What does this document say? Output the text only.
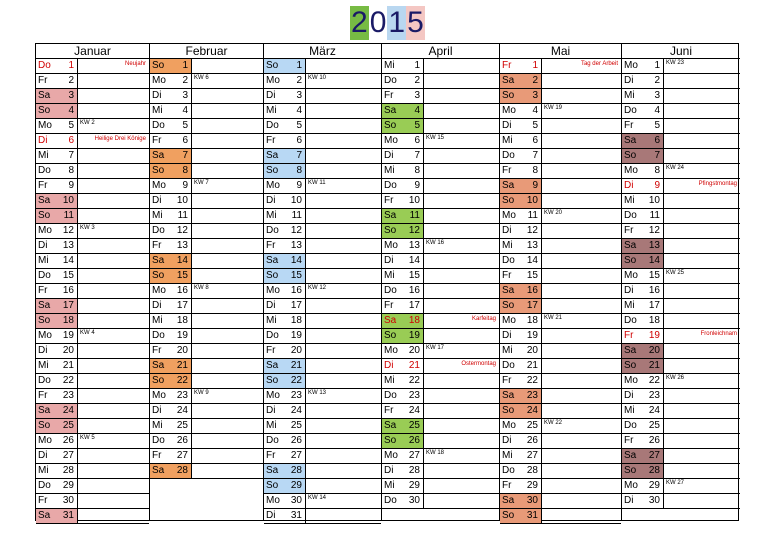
2 0 1 5
Januar
Do	1	Neujahr
Fr	2
Sa	3
So	4
Mo	5	KW 2
Di	6	Heilige Drei Könige
Mi	7
Do	8
Fr	9
Sa	10
So	11
Mo	12	KW 3
Di	13
Mi	14
Do	15
Fr	16
Sa	17
So	18
Mo	19	KW 4
Di	20
Mi	21
Do	22
Fr	23
Sa	24
So	25
Mo	26	KW 5
Di	27
Mi	28
Do	29
Fr	30
Sa	31
Februar
So	1
Mo	2	KW 6
Di	3
Mi	4
Do	5
Fr	6
Sa	7
So	8
Mo	9	KW 7
Di	10
Mi	11
Do	12
Fr	13
Sa	14
So	15
Mo	16	KW 8
Di	17
Mi	18
Do	19
Fr	20
Sa	21
So	22
Mo	23	KW 9
Di	24
Mi	25
Do	26
Fr	27
Sa	28
März
So	1
Mo	2	KW 10
Di	3
Mi	4
Do	5
Fr	6
Sa	7
So	8
Mo	9	KW 11
Di	10
Mi	11
Do	12
Fr	13
Sa	14
So	15
Mo	16	KW 12
Di	17
Mi	18
Do	19
Fr	20
Sa	21
So	22
Mo	23	KW 13
Di	24
Mi	25
Do	26
Fr	27
Sa	28
So	29
Mo	30	KW 14
Di	31
April
Mi	1
Do	2
Fr	3
Sa	4
So	5
Mo	6	KW 15
Di	7
Mi	8
Do	9
Fr	10
Sa	11
So	12
Mo	13	KW 16
Di	14
Mi	15
Do	16
Fr	17
Sa	18	Karfeitag
So	19
Mo	20	KW 17
Di	21	Ostermontag
Mi	22
Do	23
Fr	24
Sa	25
So	26
Mo	27	KW 18
Di	28
Mi	29
Do	30
Mai
Fr	1	Tag der Arbeit
Sa	2
So	3
Mo	4	KW 19
Di	5
Mi	6
Do	7
Fr	8
Sa	9
So	10
Mo	11	KW 20
Di	12
Mi	13
Do	14
Fr	15
Sa	16
So	17
Mo	18	KW 21
Di	19
Mi	20
Do	21
Fr	22
Sa	23
So	24
Mo	25	KW 22
Di	26
Mi	27
Do	28
Fr	29
Sa	30
So	31
Juni
Mo	1	KW 23
Di	2
Mi	3
Do	4
Fr	5
Sa	6
So	7
Mo	8	KW 24
Di	9	Pfingstmontag
Mi	10
Do	11
Fr	12
Sa	13
So	14
Mo	15	KW 25
Di	16
Mi	17
Do	18
Fr	19	Fronleichnam
Sa	20
So	21
Mo	22	KW 26
Di	23
Mi	24
Do	25
Fr	26
Sa	27
So	28
Mo	29	KW 27
Di	30
